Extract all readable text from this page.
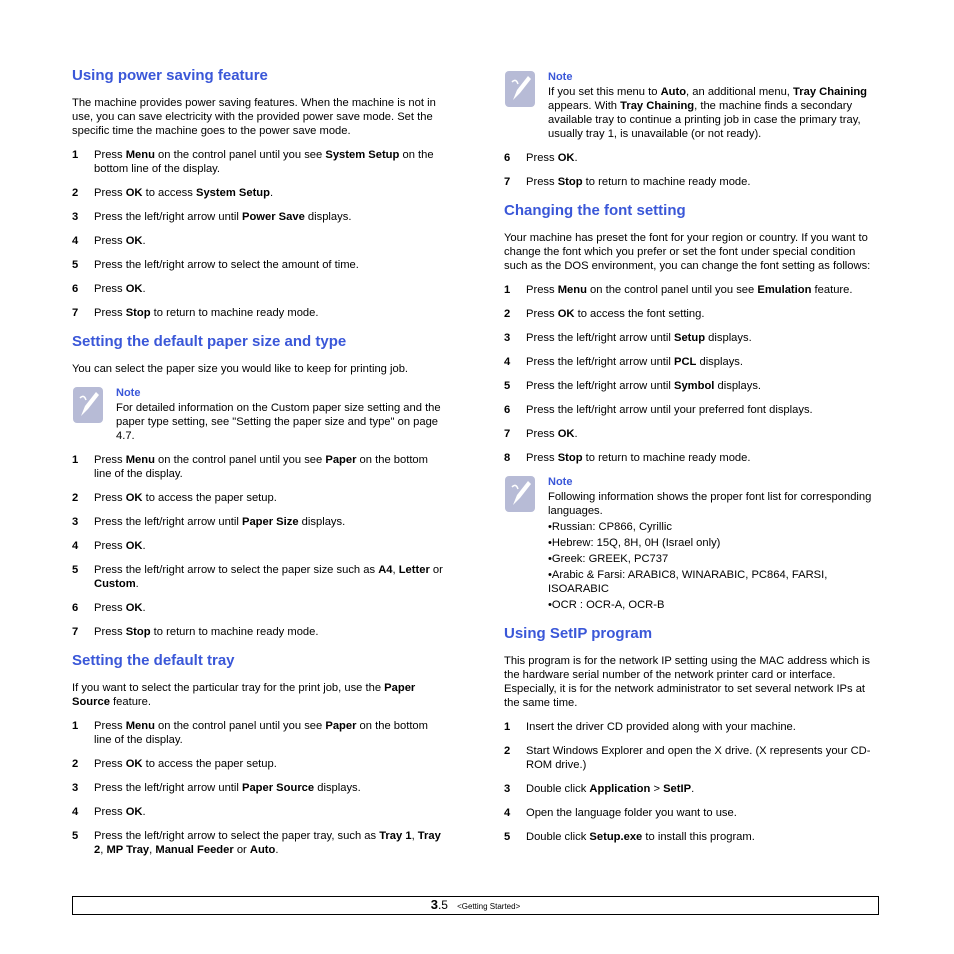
Using power saving feature

The machine provides power saving features. When the machine is not in use, you can save electricity with the provided power save mode. Set the specific time the machine goes to the power save mode.

1 Press Menu on the control panel until you see System Setup on the bottom line of the display.
2 Press OK to access System Setup.
3 Press the left/right arrow until Power Save displays.
4 Press OK.
5 Press the left/right arrow to select the amount of time.
6 Press OK.
7 Press Stop to return to machine ready mode.
Setting the default paper size and type

You can select the paper size you would like to keep for printing job.

Note
For detailed information on the Custom paper size setting and the paper type setting, see "Setting the paper size and type" on page 4.7.
1 Press Menu on the control panel until you see Paper on the bottom line of the display.
2 Press OK to access the paper setup.
3 Press the left/right arrow until Paper Size displays.
4 Press OK.
5 Press the left/right arrow to select the paper size such as A4, Letter or Custom.
6 Press OK.
7 Press Stop to return to machine ready mode.
Setting the default tray

If you want to select the particular tray for the print job, use the Paper Source feature.

1 Press Menu on the control panel until you see Paper on the bottom line of the display.
2 Press OK to access the paper setup.
3 Press the left/right arrow until Paper Source displays.
4 Press OK.
5 Press the left/right arrow to select the paper tray, such as Tray 1, Tray 2, MP Tray, Manual Feeder or Auto.
Note
If you set this menu to Auto, an additional menu, Tray Chaining appears. With Tray Chaining, the machine finds a secondary available tray to continue a printing job in case the primary tray, usually tray 1, is unavailable (or not ready).
6 Press OK.
7 Press Stop to return to machine ready mode.
Changing the font setting

Your machine has preset the font for your region or country. If you want to change the font which you prefer or set the font under special condition such as the DOS environment, you can change the font setting as follows:

1 Press Menu on the control panel until you see Emulation feature.
2 Press OK to access the font setting.
3 Press the left/right arrow until Setup displays.
4 Press the left/right arrow until PCL displays.
5 Press the left/right arrow until Symbol displays.
6 Press the left/right arrow until your preferred font displays.
7 Press OK.
8 Press Stop to return to machine ready mode.
Note
Following information shows the proper font list for corresponding languages.
•Russian: CP866, Cyrillic
•Hebrew: 15Q, 8H, 0H (Israel only)
•Greek: GREEK, PC737
•Arabic & Farsi: ARABIC8, WINARABIC, PC864, FARSI, ISOARABIC
•OCR : OCR-A, OCR-B
Using SetIP program

This program is for the network IP setting using the MAC address which is the hardware serial number of the network printer card or interface. Especially, it is for the network administrator to set several network IPs at the same time.

1 Insert the driver CD provided along with your machine.
2 Start Windows Explorer and open the X drive. (X represents your CD-ROM drive.)
3 Double click Application > SetIP.
4 Open the language folder you want to use.
5 Double click Setup.exe to install this program.
3.5 <Getting Started>
